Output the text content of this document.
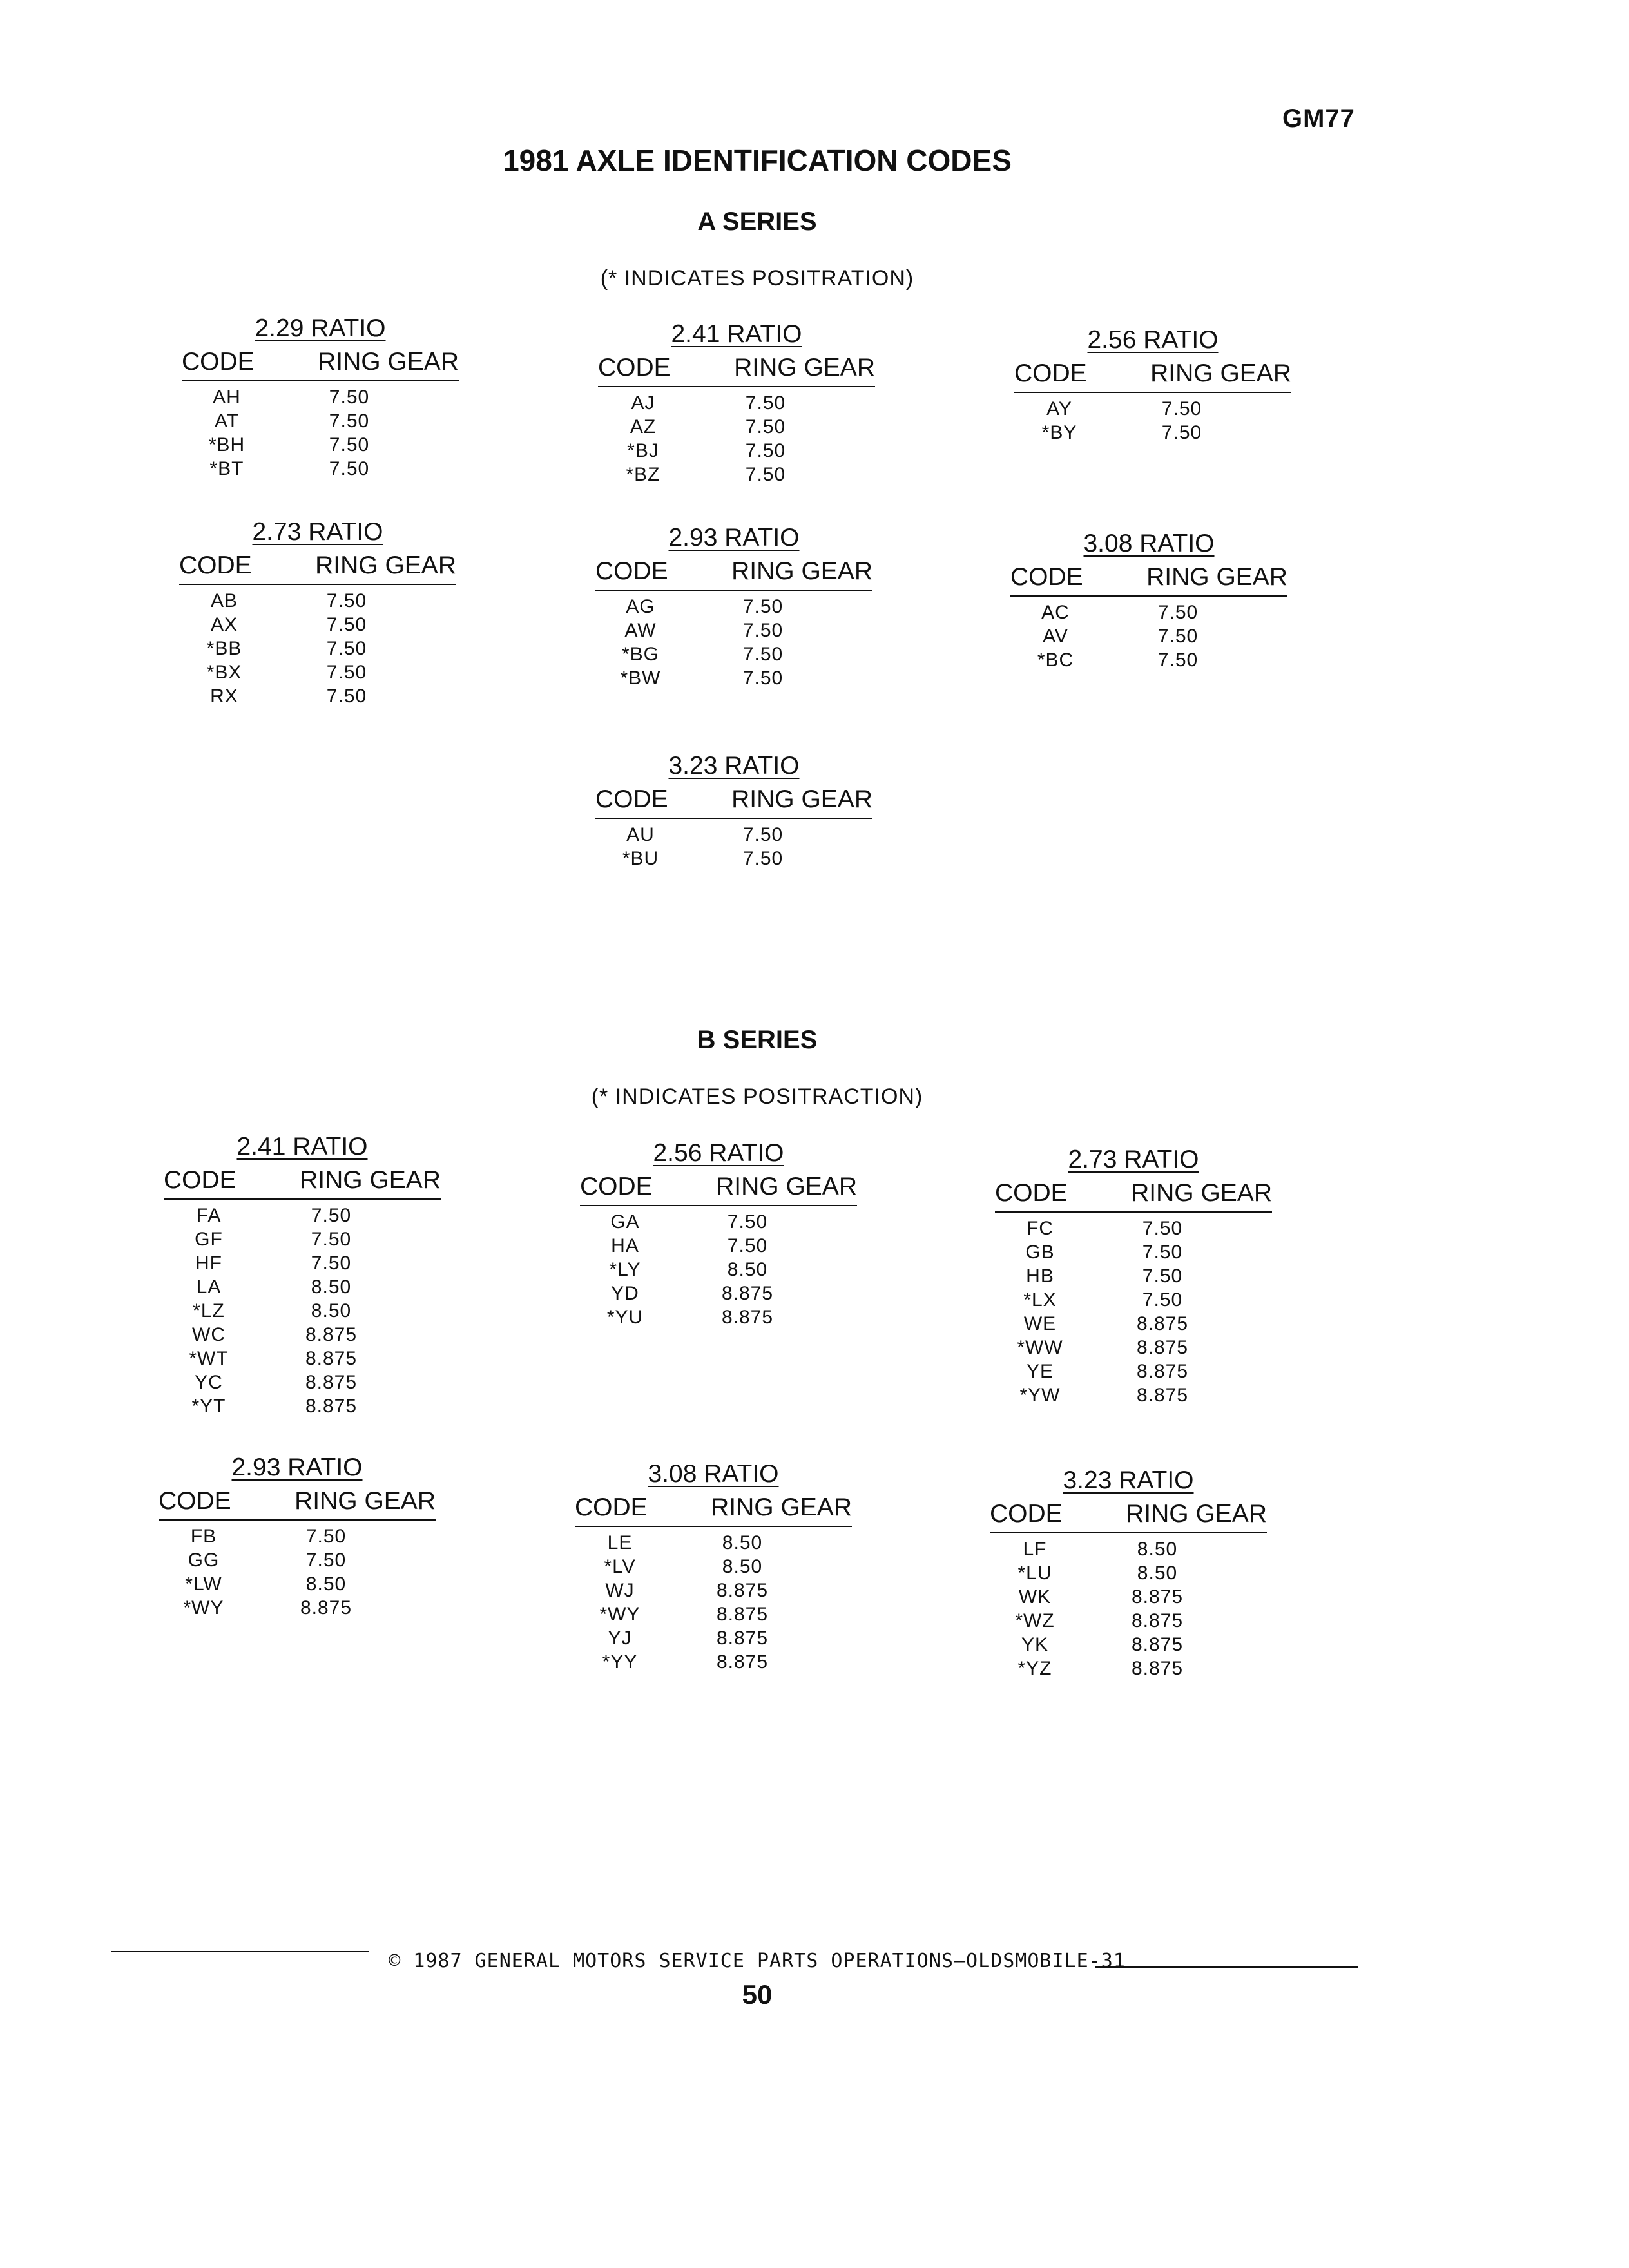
GM77
1981 AXLE IDENTIFICATION CODES
A SERIES
(* INDICATES POSITRATION)
B SERIES
(* INDICATES POSITRACTION)
2.29 RATIO
CODE	RING GEAR
AH	7.50
AT	7.50
*BH	7.50
*BT	7.50
2.41 RATIO
CODE	RING GEAR
AJ	7.50
AZ	7.50
*BJ	7.50
*BZ	7.50
2.56 RATIO
CODE	RING GEAR
AY	7.50
*BY	7.50
2.73 RATIO
CODE	RING GEAR
AB	7.50
AX	7.50
*BB	7.50
*BX	7.50
RX	7.50
2.93 RATIO
CODE	RING GEAR
AG	7.50
AW	7.50
*BG	7.50
*BW	7.50
3.08 RATIO
CODE	RING GEAR
AC	7.50
AV	7.50
*BC	7.50
3.23 RATIO
CODE	RING GEAR
AU	7.50
*BU	7.50
2.41 RATIO
CODE	RING GEAR
FA	7.50
GF	7.50
HF	7.50
LA	8.50
*LZ	8.50
WC	8.875
*WT	8.875
YC	8.875
*YT	8.875
2.56 RATIO
CODE	RING GEAR
GA	7.50
HA	7.50
*LY	8.50
YD	8.875
*YU	8.875
2.73 RATIO
CODE	RING GEAR
FC	7.50
GB	7.50
HB	7.50
*LX	7.50
WE	8.875
*WW	8.875
YE	8.875
*YW	8.875
2.93 RATIO
CODE	RING GEAR
FB	7.50
GG	7.50
*LW	8.50
*WY	8.875
3.08 RATIO
CODE	RING GEAR
LE	8.50
*LV	8.50
WJ	8.875
*WY	8.875
YJ	8.875
*YY	8.875
3.23 RATIO
CODE	RING GEAR
LF	8.50
*LU	8.50
WK	8.875
*WZ	8.875
YK	8.875
*YZ	8.875
© 1987 GENERAL MOTORS SERVICE PARTS OPERATIONS—OLDSMOBILE-31
50
